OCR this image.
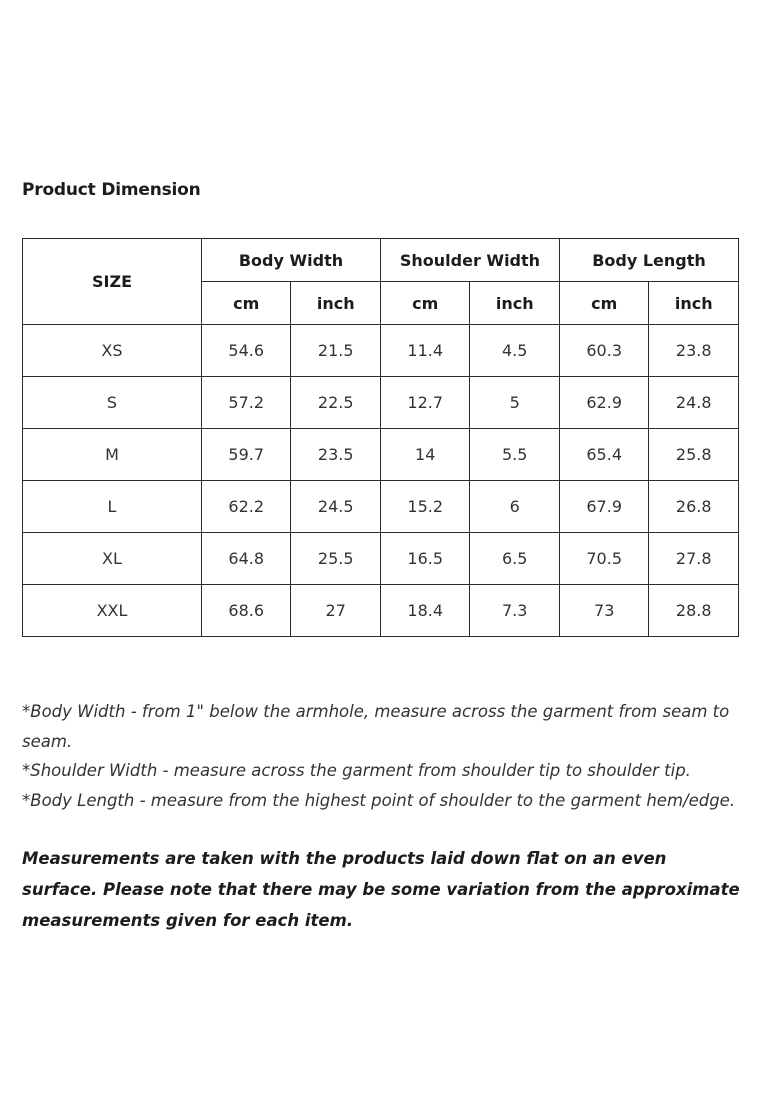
Product Dimension
SIZE	Body Width		Shoulder Width		Body Length	
	cm	inch	cm	inch	cm	inch
XS	54.6	21.5	11.4	4.5	60.3	23.8
S	57.2	22.5	12.7	5	62.9	24.8
M	59.7	23.5	14	5.5	65.4	25.8
L	62.2	24.5	15.2	6	67.9	26.8
XL	64.8	25.5	16.5	6.5	70.5	27.8
XXL	68.6	27	18.4	7.3	73	28.8

*Body Width - from 1" below the armhole, measure across the garment from seam to seam.

*Shoulder Width - measure across the garment from shoulder tip to shoulder tip.

*Body Length - measure from the highest point of shoulder to the garment hem/edge.

Measurements are taken with the products laid down flat on an even surface. Please note that there may be some variation from the approximate measurements given for each item.
